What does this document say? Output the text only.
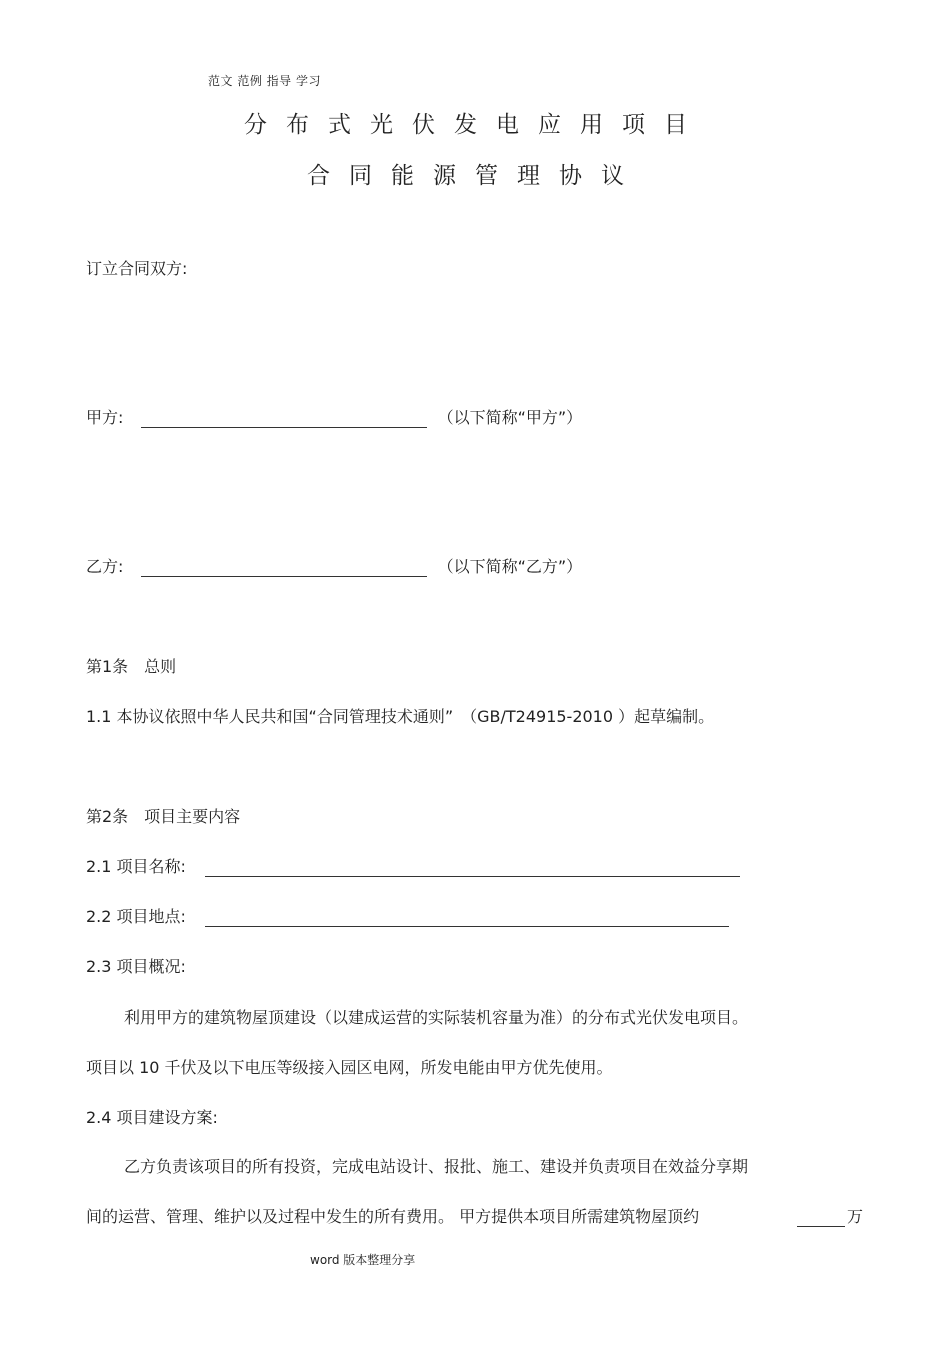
范文 范例 指导 学习
分布式光伏发电应用项目
合同能源管理协议
订立合同双方:
甲方:	（以下简称“甲方”）
乙方:	（以下简称“乙方”）
第1条　总则
1.1 本协议依照中华人民共和国“合同管理技术通则”　（GB/T24915-2010 ）起草编制。
第2条　项目主要内容
2.1 项目名称:
2.2 项目地点:
2.3 项目概况:
利用甲方的建筑物屋顶建设（以建成运营的实际装机容量为准）的分布式光伏发电项目。
项目以 10 千伏及以下电压等级接入园区电网，所发电能由甲方优先使用。
2.4 项目建设方案:
乙方负责该项目的所有投资，完成电站设计、报批、施工、建设并负责项目在效益分享期
间的运营、管理、维护以及过程中发生的所有费用。 甲方提供本项目所需建筑物屋顶约	万
word 版本整理分享
